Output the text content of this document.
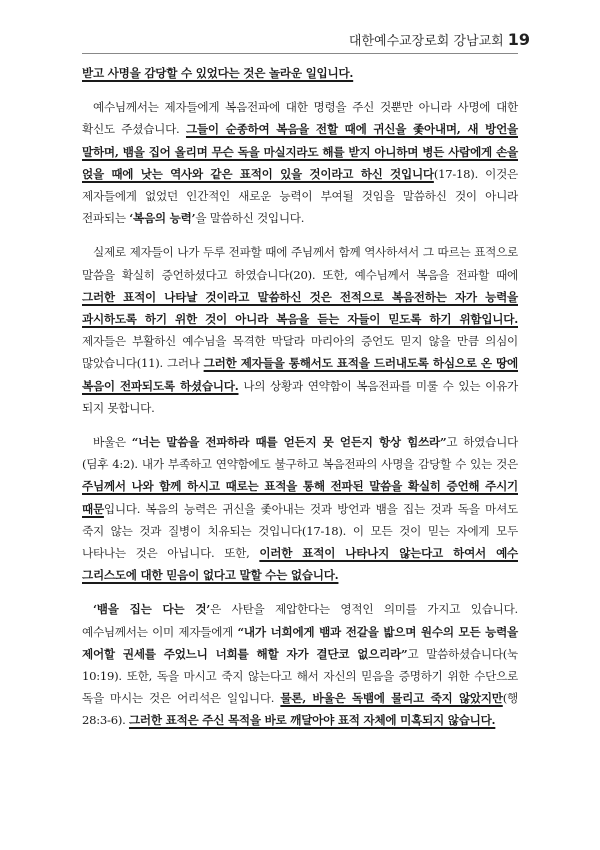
대한예수교장로회 강남교회 19

받고 사명을 감당할 수 있었다는 것은 놀라운 일입니다.

예수님께서는 제자들에게 복음전파에 대한 명령을 주신 것뿐만 아니라 사명에 대한 확신도 주셨습니다. 그들이 순종하여 복음을 전할 때에 귀신을 좇아내며, 새 방언을 말하며, 뱀을 집어 올리며 무슨 독을 마실지라도 해를 받지 아니하며 병든 사람에게 손을 얹을 때에 낫는 역사와 같은 표적이 있을 것이라고 하신 것입니다(17-18). 이것은 제자들에게 없었던 인간적인 새로운 능력이 부여될 것임을 말씀하신 것이 아니라 전파되는 ‘복음의 능력’을 말씀하신 것입니다.

실제로 제자들이 나가 두루 전파할 때에 주님께서 함께 역사하셔서 그 따르는 표적으로 말씀을 확실히 증언하셨다고 하였습니다(20). 또한, 예수님께서 복음을 전파할 때에 그러한 표적이 나타날 것이라고 말씀하신 것은 전적으로 복음전하는 자가 능력을 과시하도록 하기 위한 것이 아니라 복음을 듣는 자들이 믿도록 하기 위함입니다. 제자들은 부활하신 예수님을 목격한 막달라 마리아의 증언도 믿지 않을 만큼 의심이 많았습니다(11). 그러나 그러한 제자들을 통해서도 표적을 드러내도록 하심으로 온 땅에 복음이 전파되도록 하셨습니다. 나의 상황과 연약함이 복음전파를 미룰 수 있는 이유가 되지 못합니다.

바울은 “너는 말씀을 전파하라 때를 얻든지 못 얻든지 항상 힘쓰라”고 하였습니다(딤후 4:2). 내가 부족하고 연약함에도 불구하고 복음전파의 사명을 감당할 수 있는 것은 주님께서 나와 함께 하시고 때로는 표적을 통해 전파된 말씀을 확실히 증언해 주시기 때문입니다. 복음의 능력은 귀신을 좇아내는 것과 방언과 뱀을 집는 것과 독을 마셔도 죽지 않는 것과 질병이 치유되는 것입니다(17-18). 이 모든 것이 믿는 자에게 모두 나타나는 것은 아닙니다. 또한, 이러한 표적이 나타나지 않는다고 하여서 예수 그리스도에 대한 믿음이 없다고 말할 수는 없습니다.

‘뱀을 집는 다는 것’은 사탄을 제압한다는 영적인 의미를 가지고 있습니다. 예수님께서는 이미 제자들에게 “내가 너희에게 뱀과 전갈을 밟으며 원수의 모든 능력을 제어할 권세를 주었느니 너희를 해할 자가 결단코 없으리라”고 말씀하셨습니다(눅 10:19). 또한, 독을 마시고 죽지 않는다고 해서 자신의 믿음을 증명하기 위한 수단으로 독을 마시는 것은 어리석은 일입니다. 물론, 바울은 독뱀에 물리고 죽지 않았지만(행 28:3-6). 그러한 표적은 주신 목적을 바로 깨달아야 표적 자체에 미혹되지 않습니다.
